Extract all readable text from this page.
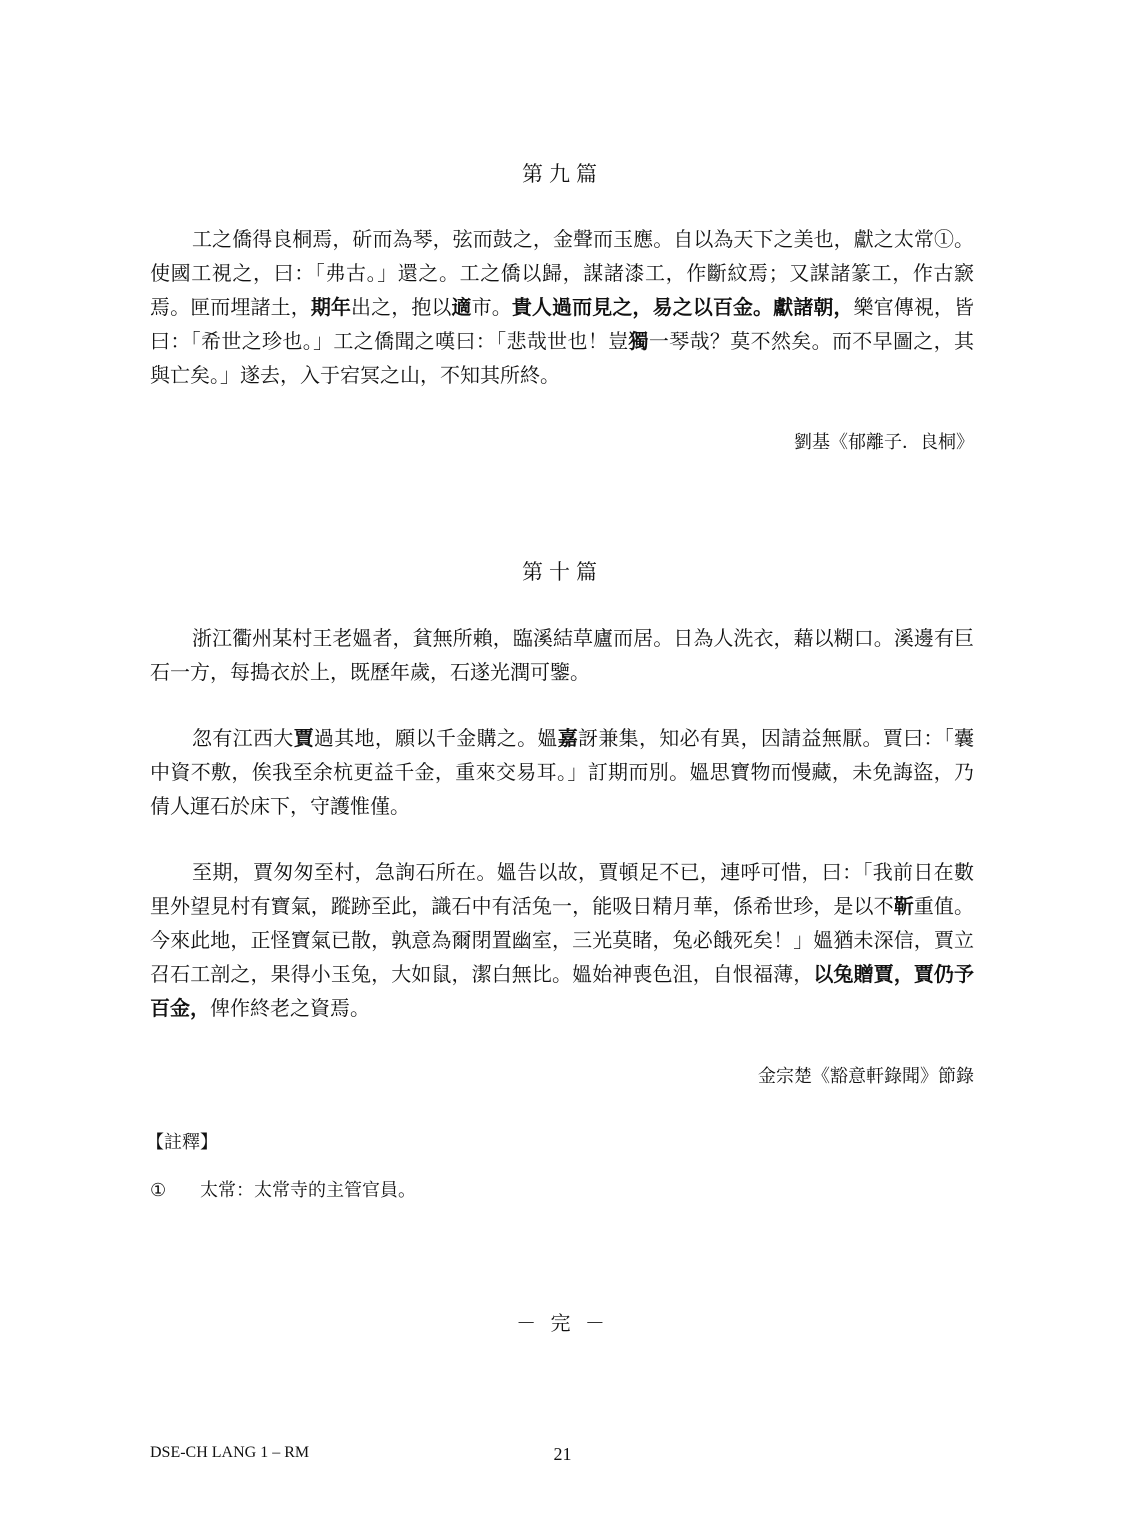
第九篇
工之僑得良桐焉，斫而為琴，弦而鼓之，金聲而玉應。自以為天下之美也，獻之太常①。使國工視之，曰：「弗古。」還之。工之僑以歸，謀諸漆工，作斷紋焉；又謀諸篆工，作古窾焉。匣而埋諸土，期年出之，抱以適市。貴人過而見之，易之以百金。獻諸朝，樂官傳視，皆曰：「希世之珍也。」工之僑聞之嘆曰：「悲哉世也！豈獨一琴哉？莫不然矣。而不早圖之，其與亡矣。」遂去，入于宕冥之山，不知其所終。
劉基《郁離子．良桐》
第十篇
浙江衢州某村王老媼者，貧無所賴，臨溪結草廬而居。日為人洗衣，藉以糊口。溪邊有巨石一方，每搗衣於上，既歷年歲，石遂光潤可鑒。
忽有江西大賈過其地，願以千金購之。媼嘉訝兼集，知必有異，因請益無厭。賈曰：「囊中資不敷，俟我至余杭更益千金，重來交易耳。」訂期而別。媼思寶物而慢藏，未免誨盜，乃倩人運石於床下，守護惟僅。
至期，賈匆匆至村，急詢石所在。媼告以故，賈頓足不已，連呼可惜，曰：「我前日在數里外望見村有寶氣，蹤跡至此，識石中有活兔一，能吸日精月華，係希世珍，是以不靳重值。今來此地，正怪寶氣已散，孰意為爾閉置幽室，三光莫睹，兔必餓死矣！」媼猶未深信，賈立召石工剖之，果得小玉兔，大如鼠，潔白無比。媼始神喪色沮，自恨福薄，以兔贈賈，賈仍予百金，俾作終老之資焉。
金宗楚《豁意軒錄聞》節錄
【註釋】
① 太常：太常寺的主管官員。
－ 完 －
DSE-CH LANG 1 – RM	21
